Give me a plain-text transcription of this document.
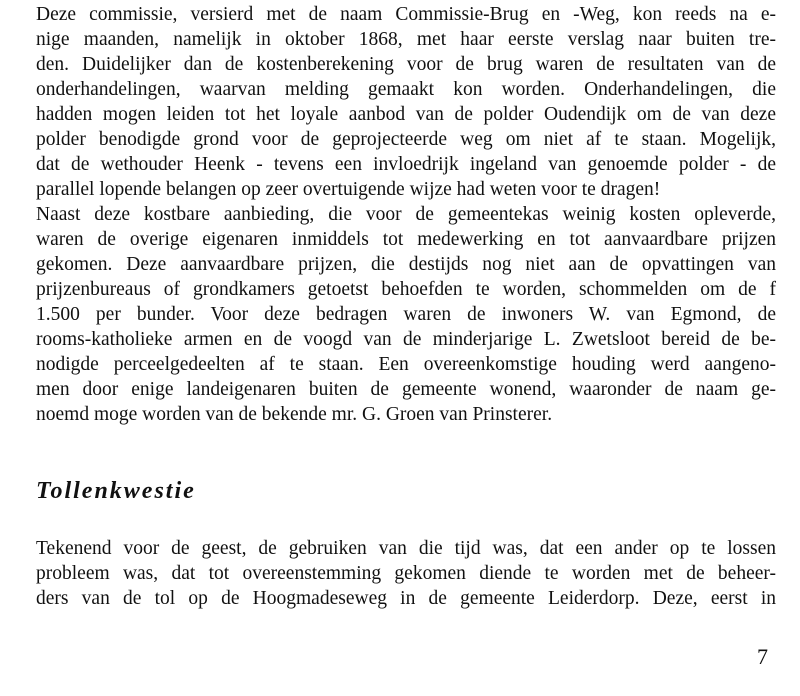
Deze commissie, versierd met de naam Commissie-Brug en -Weg, kon reeds na e-
nige maanden, namelijk in oktober 1868, met haar eerste verslag naar buiten tre-
den. Duidelijker dan de kostenberekening voor de brug waren de resultaten van de
onderhandelingen, waarvan melding gemaakt kon worden. Onderhandelingen, die
hadden mogen leiden tot het loyale aanbod van de polder Oudendijk om de van deze
polder benodigde grond voor de geprojecteerde weg om niet af te staan. Mogelijk,
dat de wethouder Heenk - tevens een invloedrijk ingeland van genoemde polder - de
parallel lopende belangen op zeer overtuigende wijze had weten voor te dragen!
Naast deze kostbare aanbieding, die voor de gemeentekas weinig kosten opleverde,
waren de overige eigenaren inmiddels tot medewerking en tot aanvaardbare prijzen
gekomen. Deze aanvaardbare prijzen, die destijds nog niet aan de opvattingen van
prijzenbureaus of grondkamers getoetst behoefden te worden, schommelden om de f
1.500 per bunder. Voor deze bedragen waren de inwoners W. van Egmond, de
rooms-katholieke armen en de voogd van de minderjarige L. Zwetsloot bereid de be-
nodigde perceelgedeelten af te staan. Een overeenkomstige houding werd aangeno-
men door enige landeigenaren buiten de gemeente wonend, waaronder de naam ge-
noemd moge worden van de bekende mr. G. Groen van Prinsterer.
Tollenkwestie
Tekenend voor de geest, de gebruiken van die tijd was, dat een ander op te lossen
probleem was, dat tot overeenstemming gekomen diende te worden met de beheer-
ders van de tol op de Hoogmadeseweg in de gemeente Leiderdorp. Deze, eerst in
7
